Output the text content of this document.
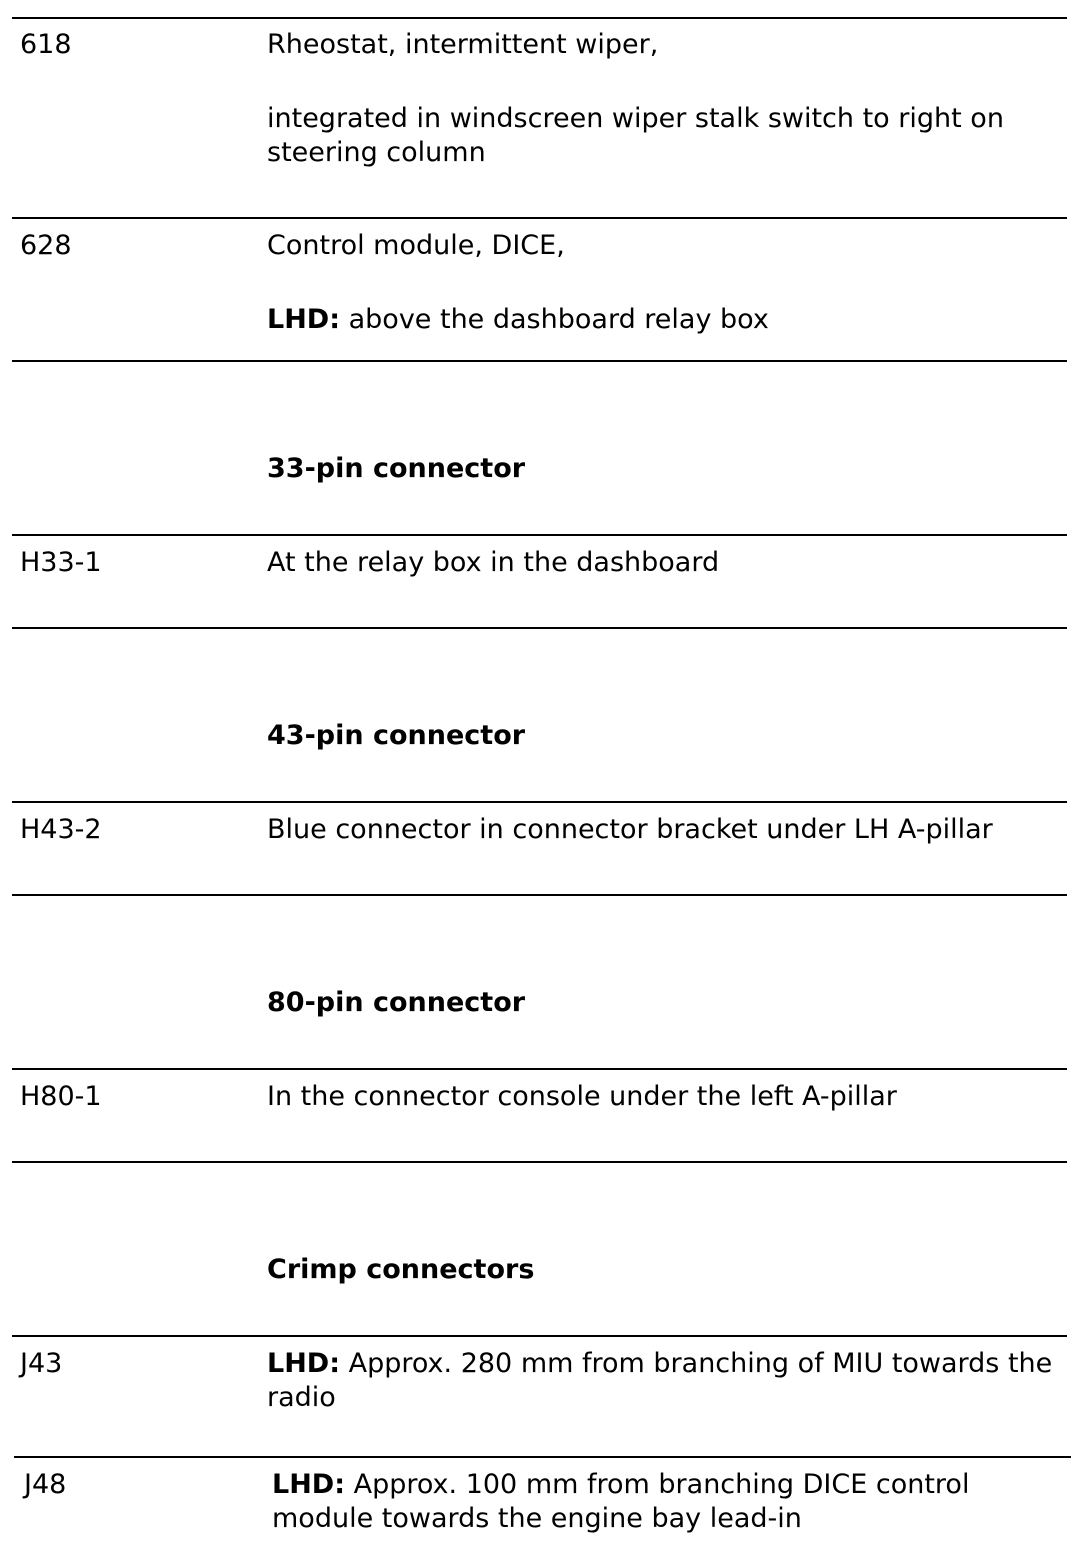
618	Rheostat, intermittent wiper,
integrated in windscreen wiper stalk switch to right on steering column
628	Control module, DICE,
LHD: above the dashboard relay box
33-pin connector
H33-1	At the relay box in the dashboard
43-pin connector
H43-2	Blue connector in connector bracket under LH A-pillar
80-pin connector
H80-1	In the connector console under the left A-pillar
Crimp connectors
J43	LHD: Approx. 280 mm from branching of MIU towards the radio
J48	LHD: Approx. 100 mm from branching DICE control module towards the engine bay lead-in
